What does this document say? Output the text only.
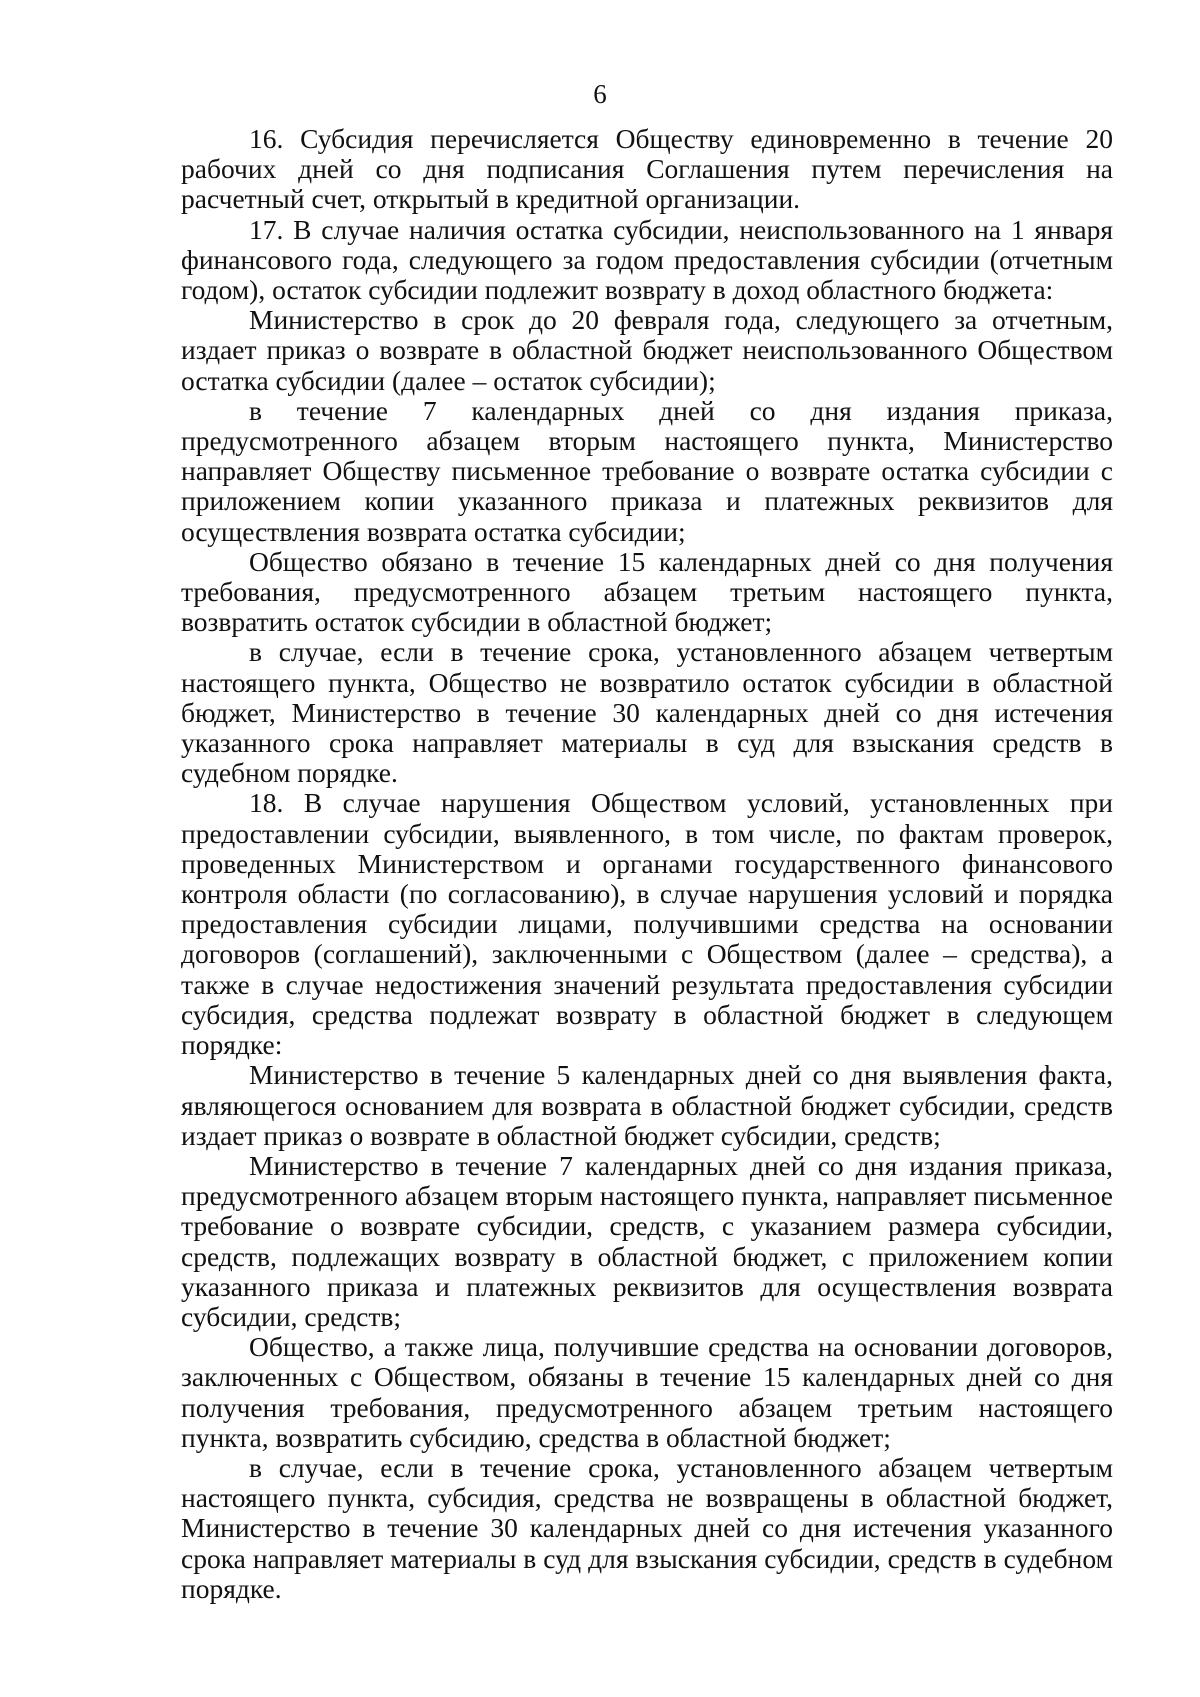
6

16. Субсидия перечисляется Обществу единовременно в течение 20 рабочих дней со дня подписания Соглашения путем перечисления на расчетный счет, открытый в кредитной организации.

17. В случае наличия остатка субсидии, неиспользованного на 1 января финансового года, следующего за годом предоставления субсидии (отчетным годом), остаток субсидии подлежит возврату в доход областного бюджета:

Министерство в срок до 20 февраля года, следующего за отчетным, издает приказ о возврате в областной бюджет неиспользованного Обществом остатка субсидии (далее – остаток субсидии);

в течение 7 календарных дней со дня издания приказа, предусмотренного абзацем вторым настоящего пункта, Министерство направляет Обществу письменное требование о возврате остатка субсидии с приложением копии указанного приказа и платежных реквизитов для осуществления возврата остатка субсидии;

Общество обязано в течение 15 календарных дней со дня получения требования, предусмотренного абзацем третьим настоящего пункта, возвратить остаток субсидии в областной бюджет;

в случае, если в течение срока, установленного абзацем четвертым настоящего пункта, Общество не возвратило остаток субсидии в областной бюджет, Министерство в течение 30 календарных дней со дня истечения указанного срока направляет материалы в суд для взыскания средств в судебном порядке.

18. В случае нарушения Обществом условий, установленных при предоставлении субсидии, выявленного, в том числе, по фактам проверок, проведенных Министерством и органами государственного финансового контроля области (по согласованию), в случае нарушения условий и порядка предоставления субсидии лицами, получившими средства на основании договоров (соглашений), заключенными с Обществом (далее – средства), а также в случае недостижения значений результата предоставления субсидии субсидия, средства подлежат возврату в областной бюджет в следующем порядке:

Министерство в течение 5 календарных дней со дня выявления факта, являющегося основанием для возврата в областной бюджет субсидии, средств издает приказ о возврате в областной бюджет субсидии, средств;

Министерство в течение 7 календарных дней со дня издания приказа, предусмотренного абзацем вторым настоящего пункта, направляет письменное требование о возврате субсидии, средств, с указанием размера субсидии, средств, подлежащих возврату в областной бюджет, с приложением копии указанного приказа и платежных реквизитов для осуществления возврата субсидии, средств;

Общество, а также лица, получившие средства на основании договоров, заключенных с Обществом, обязаны в течение 15 календарных дней со дня получения требования, предусмотренного абзацем третьим настоящего пункта, возвратить субсидию, средства в областной бюджет;

в случае, если в течение срока, установленного абзацем четвертым настоящего пункта, субсидия, средства не возвращены в областной бюджет, Министерство в течение 30 календарных дней со дня истечения указанного срока направляет материалы в суд для взыскания субсидии, средств в судебном порядке.
